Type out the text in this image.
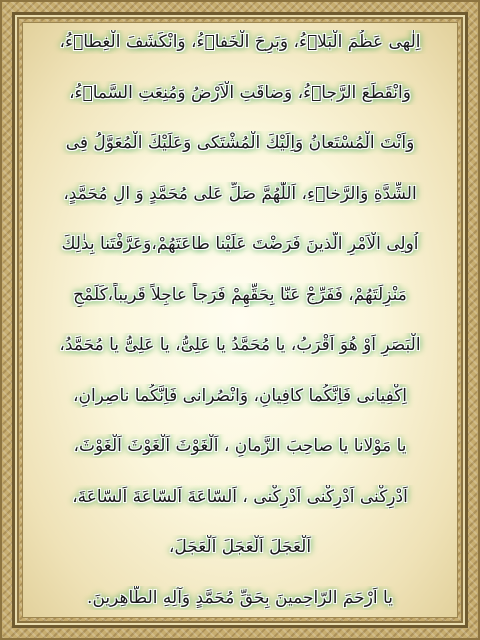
اِلٰهى عَظُمَ الْبَلاۤءُ، وَبَرِحَ الْخَفاۤءُ، وَانْكَشَفَ الْغِطاۤءُ،
وَانْقَطَعَ الرَّجاۤءُ، وَضاقَتِ الْاَرْضُ وَمُنِعَتِ السَّماۤءُ،
وَاَنْتَ الْمُسْتَعانُ وَاِلَيْكَ الْمُشْتَكى وَعَلَيْكَ الْمُعَوَّلُ فِى
الشِّدَّةِ وَالرَّخاۤءِ، اَللّٰهُمَّ صَلِّ عَلى مُحَمَّدٍ وَ الِ مُحَمَّدٍ،
اُولِى الْاَمْرِ الَّذينَ فَرَضْتَ عَلَيْنا طاعَتَهُمْ،وَعَرَّفْتَنا بِذٰلِكَ
مَنْزِلَتَهُمْ، فَفَرِّجْ عَنّا بِحَقِّهِمْ فَرَجاً عاجِلاً قَريباً،كَلَمْحِ
الْبَصَرِ اَوْ هُوَ اَقْرَبُ، يا مُحَمَّدُ يا عَلِىُّ، يا عَلِىُّ يا مُحَمَّدُ،
اِكْفِيانى فَاِنَّكُما كافِيانِ، وَانْصُرانى فَاِنَّكُما ناصِرانِ،
يا مَوْلانا يا صاحِبَ الزَّمانِ ، اَلْغَوْثَ اَلْغَوْثَ اَلْغَوْثَ،
اَدْرِكْنى اَدْرِكْنى اَدْرِكْنى ، اَلسّاعَةَ اَلسّاعَةَ اَلسّاعَةَ،
اَلْعَجَلَ اَلْعَجَلَ اَلْعَجَلَ،
يا اَرْحَمَ الرّاحِمينَ بِحَقِّ مُحَمَّدٍ وَآلِهِ الطّاهِرينَ.
